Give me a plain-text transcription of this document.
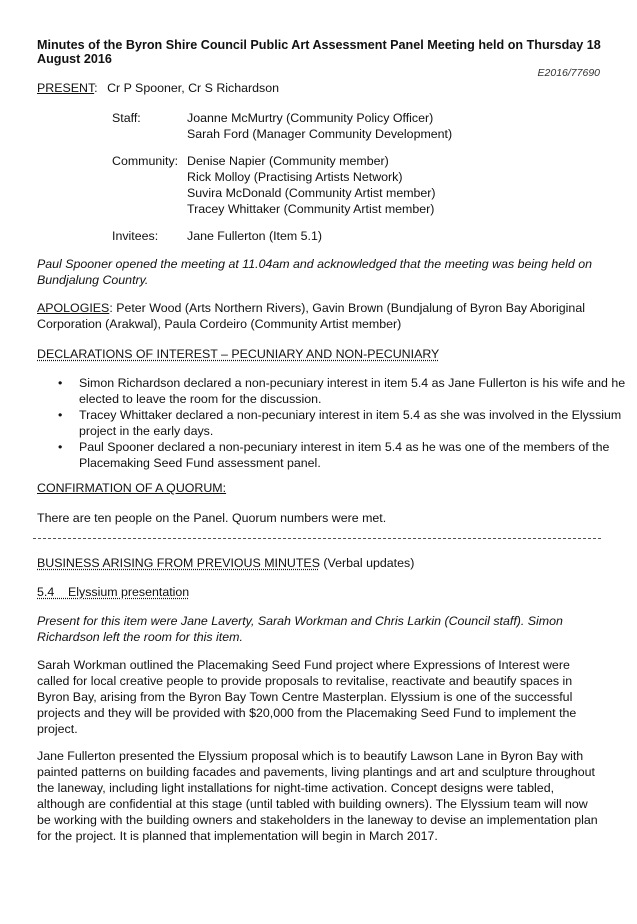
Minutes of the Byron Shire Council Public Art Assessment Panel Meeting held on Thursday 18 August 2016
E2016/77690
PRESENT: Cr P Spooner, Cr S Richardson
Staff:	Joanne McMurtry (Community Policy Officer)
Sarah Ford (Manager Community Development)
Community: Denise Napier (Community member)
Rick Molloy (Practising Artists Network)
Suvira McDonald (Community Artist member)
Tracey Whittaker (Community Artist member)
Invitees: Jane Fullerton (Item 5.1)
Paul Spooner opened the meeting at 11.04am and acknowledged that the meeting was being held on Bundjalung Country.
APOLOGIES: Peter Wood (Arts Northern Rivers), Gavin Brown (Bundjalung of Byron Bay Aboriginal Corporation (Arakwal), Paula Cordeiro (Community Artist member)
DECLARATIONS OF INTEREST – PECUNIARY AND NON-PECUNIARY
• Simon Richardson declared a non-pecuniary interest in item 5.4 as Jane Fullerton is his wife and he elected to leave the room for the discussion.
• Tracey Whittaker declared a non-pecuniary interest in item 5.4 as she was involved in the Elyssium project in the early days.
• Paul Spooner declared a non-pecuniary interest in item 5.4 as he was one of the members of the Placemaking Seed Fund assessment panel.
CONFIRMATION OF A QUORUM:
There are ten people on the Panel. Quorum numbers were met.
BUSINESS ARISING FROM PREVIOUS MINUTES (Verbal updates)
5.4    Elyssium presentation
Present for this item were Jane Laverty, Sarah Workman and Chris Larkin (Council staff). Simon Richardson left the room for this item.
Sarah Workman outlined the Placemaking Seed Fund project where Expressions of Interest were called for local creative people to provide proposals to revitalise, reactivate and beautify spaces in Byron Bay, arising from the Byron Bay Town Centre Masterplan. Elyssium is one of the successful projects and they will be provided with $20,000 from the Placemaking Seed Fund to implement the project.
Jane Fullerton presented the Elyssium proposal which is to beautify Lawson Lane in Byron Bay with painted patterns on building facades and pavements, living plantings and art and sculpture throughout the laneway, including light installations for night-time activation. Concept designs were tabled, although are confidential at this stage (until tabled with building owners). The Elyssium team will now be working with the building owners and stakeholders in the laneway to devise an implementation plan for the project. It is planned that implementation will begin in March 2017.
